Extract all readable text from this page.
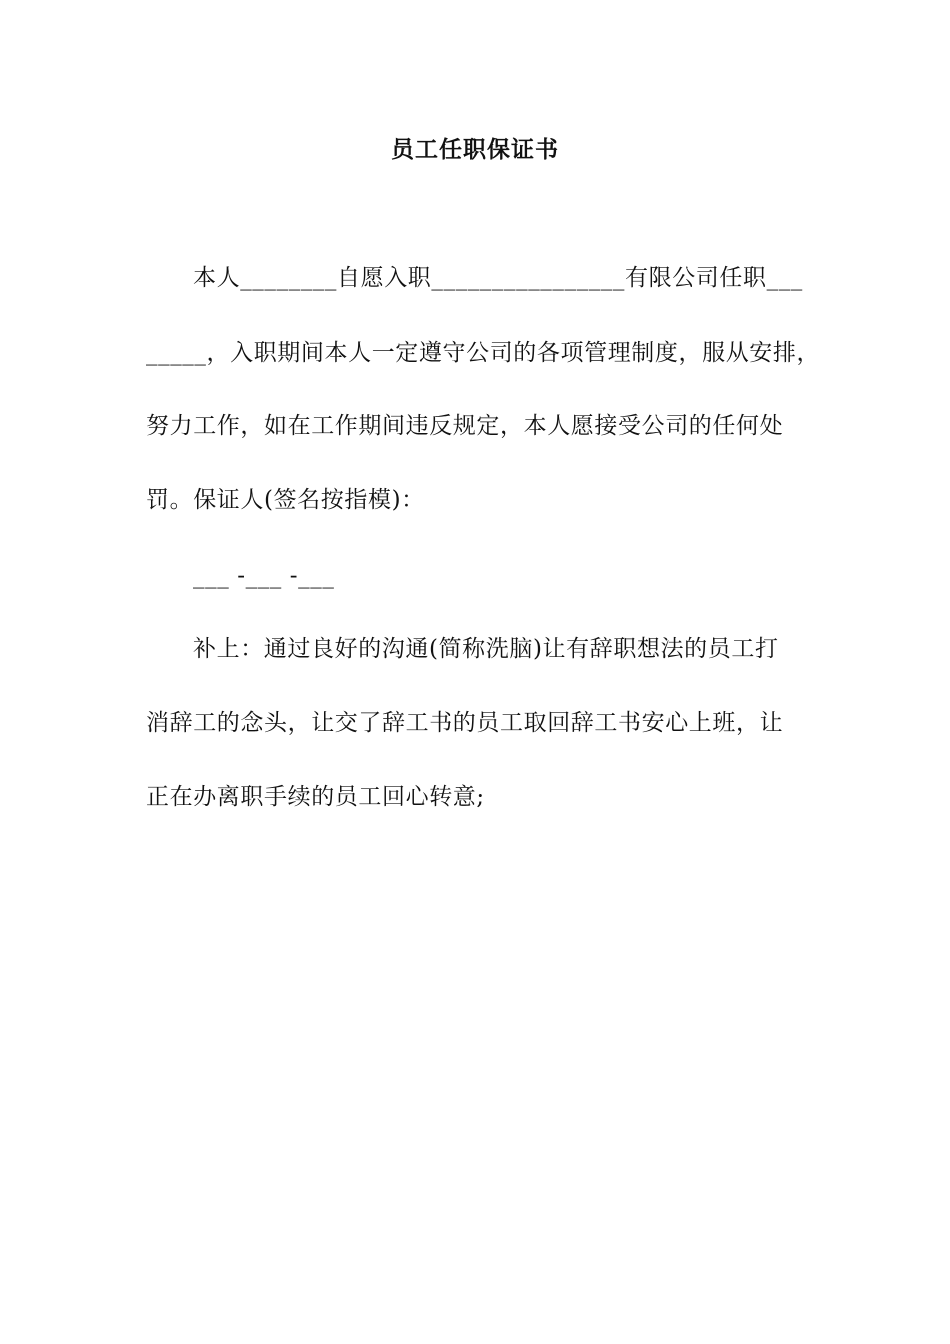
员工任职保证书
本人________自愿入职________________有限公司任职___
_____，入职期间本人一定遵守公司的各项管理制度，服从安排，
努力工作，如在工作期间违反规定，本人愿接受公司的任何处
罚。保证人(签名按指模)：
___ -___ -___
补上：通过良好的沟通(简称洗脑)让有辞职想法的员工打
消辞工的念头，让交了辞工书的员工取回辞工书安心上班，让
正在办离职手续的员工回心转意;
